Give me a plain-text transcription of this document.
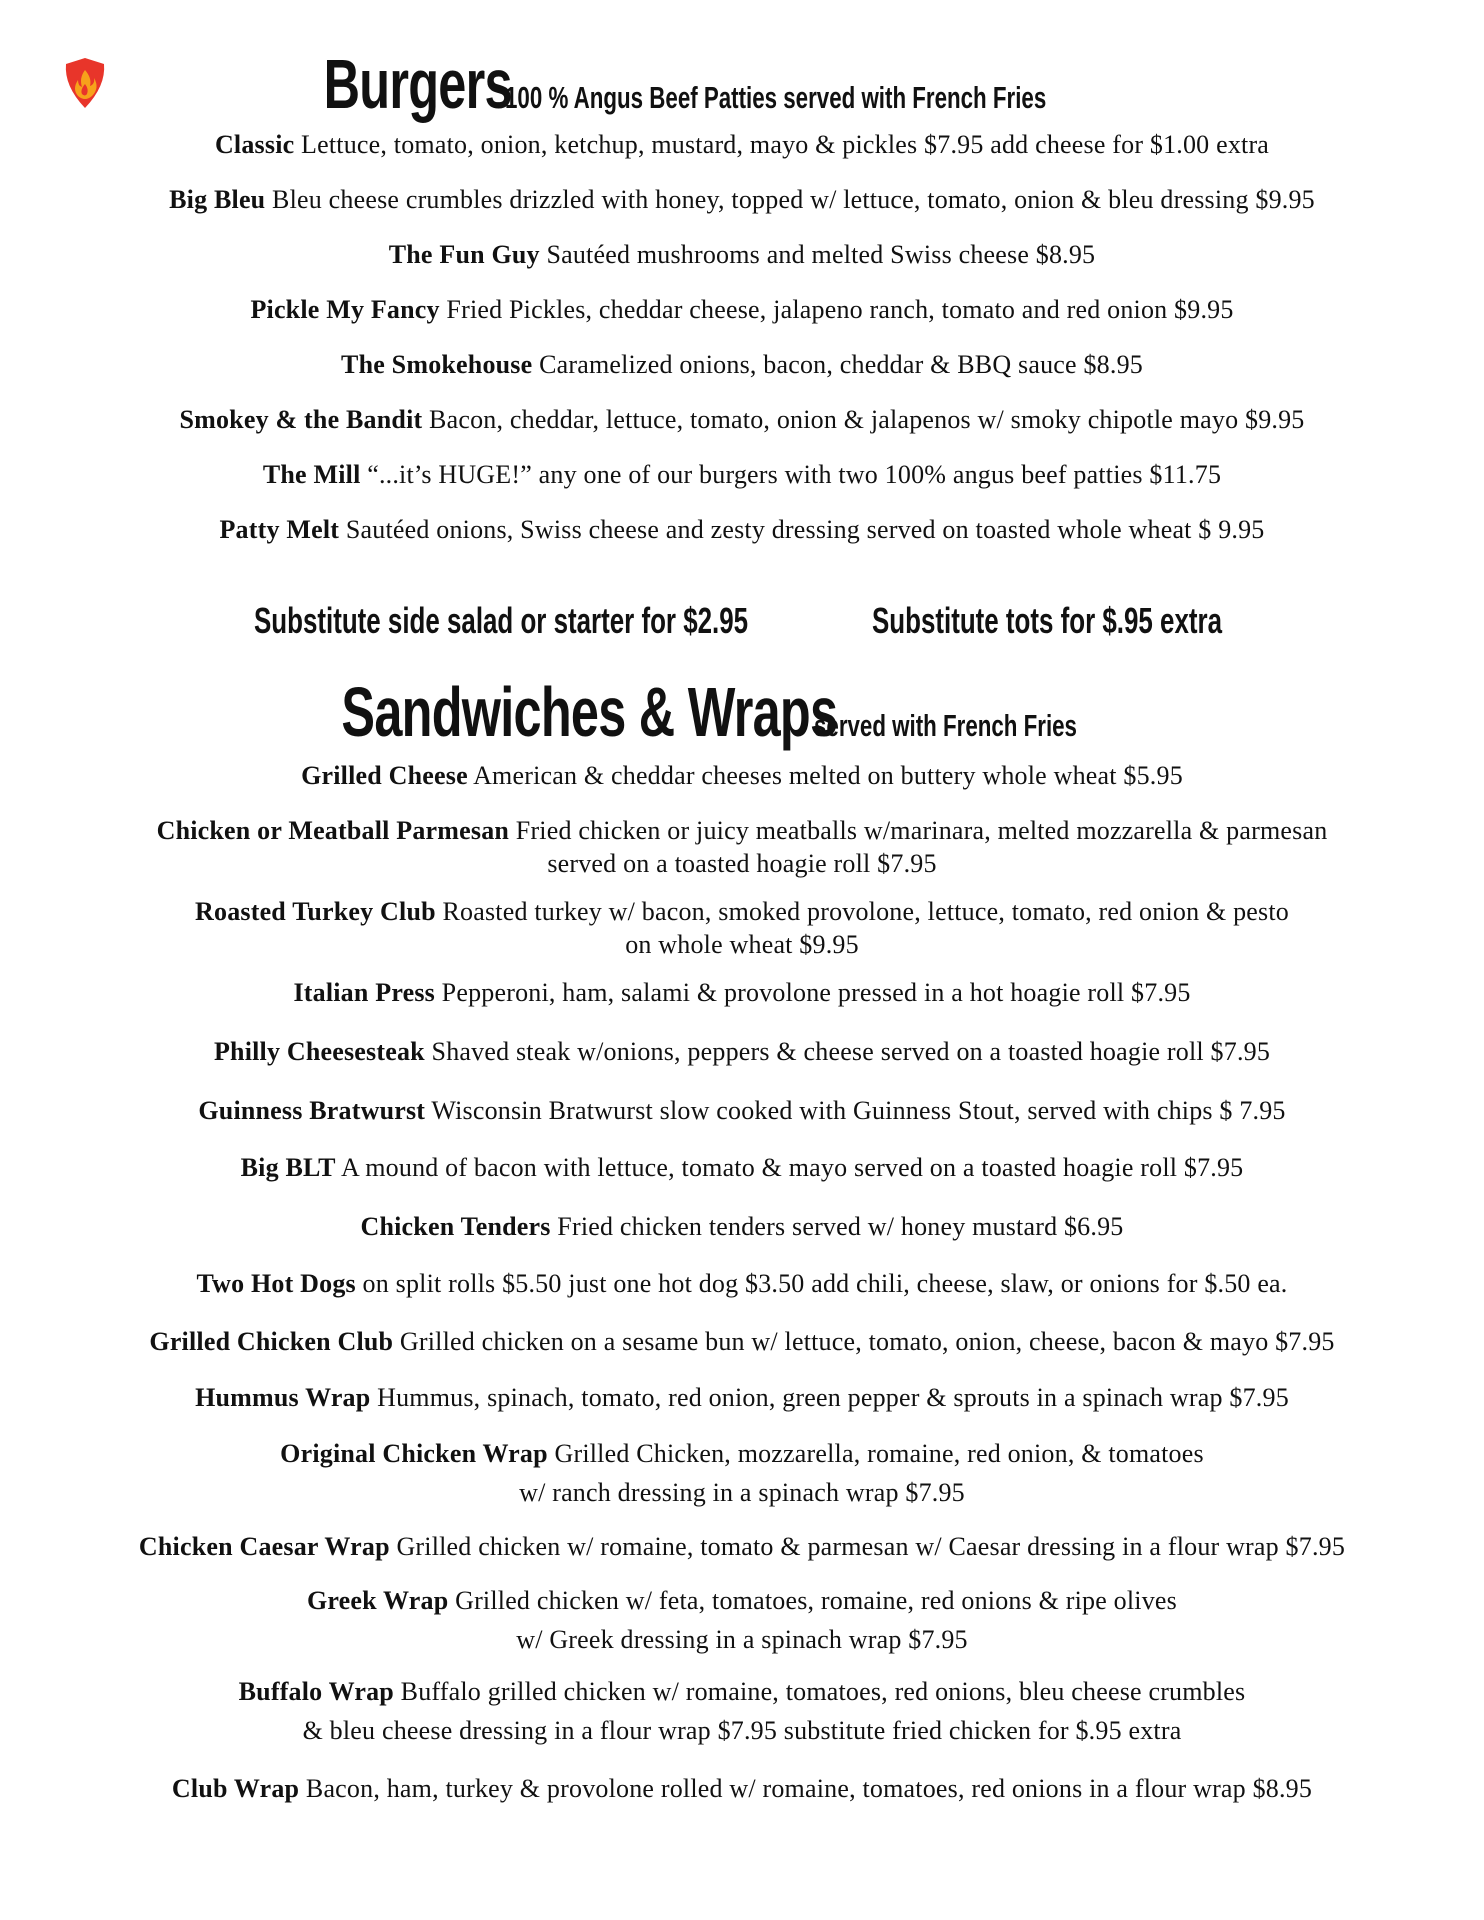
Burgers100 % Angus Beef Patties served with French Fries
Classic Lettuce, tomato, onion, ketchup, mustard, mayo & pickles $7.95 add cheese for $1.00 extra
Big Bleu Bleu cheese crumbles drizzled with honey, topped w/ lettuce, tomato, onion & bleu dressing $9.95
The Fun Guy Sautéed mushrooms and melted Swiss cheese $8.95
Pickle My Fancy Fried Pickles, cheddar cheese, jalapeno ranch, tomato and red onion $9.95
The Smokehouse Caramelized onions, bacon, cheddar & BBQ sauce $8.95
Smokey & the Bandit Bacon, cheddar, lettuce, tomato, onion & jalapenos w/ smoky chipotle mayo $9.95
The Mill “...it’s HUGE!” any one of our burgers with two 100% angus beef patties $11.75
Patty Melt Sautéed onions, Swiss cheese and zesty dressing served on toasted whole wheat $ 9.95
Substitute side salad or starter for $2.95	Substitute tots for $.95 extra
Sandwiches & Wrapsserved with French Fries
Grilled Cheese American & cheddar cheeses melted on buttery whole wheat $5.95
Chicken or Meatball Parmesan Fried chicken or juicy meatballs w/marinara, melted mozzarella & parmesan
served on a toasted hoagie roll $7.95
Roasted Turkey Club Roasted turkey w/ bacon, smoked provolone, lettuce, tomato, red onion & pesto
on whole wheat $9.95
Italian Press Pepperoni, ham, salami & provolone pressed in a hot hoagie roll $7.95
Philly Cheesesteak Shaved steak w/onions, peppers & cheese served on a toasted hoagie roll $7.95
Guinness Bratwurst Wisconsin Bratwurst slow cooked with Guinness Stout, served with chips $ 7.95
Big BLT A mound of bacon with lettuce, tomato & mayo served on a toasted hoagie roll $7.95
Chicken Tenders Fried chicken tenders served w/ honey mustard $6.95
Two Hot Dogs on split rolls $5.50 just one hot dog $3.50 add chili, cheese, slaw, or onions for $.50 ea.
Grilled Chicken Club Grilled chicken on a sesame bun w/ lettuce, tomato, onion, cheese, bacon & mayo $7.95
Hummus Wrap Hummus, spinach, tomato, red onion, green pepper & sprouts in a spinach wrap $7.95
Original Chicken Wrap Grilled Chicken, mozzarella, romaine, red onion, & tomatoes
w/ ranch dressing in a spinach wrap $7.95
Chicken Caesar Wrap Grilled chicken w/ romaine, tomato & parmesan w/ Caesar dressing in a flour wrap $7.95
Greek Wrap Grilled chicken w/ feta, tomatoes, romaine, red onions & ripe olives
w/ Greek dressing in a spinach wrap $7.95
Buffalo Wrap Buffalo grilled chicken w/ romaine, tomatoes, red onions, bleu cheese crumbles
& bleu cheese dressing in a flour wrap $7.95 substitute fried chicken for $.95 extra
Club Wrap Bacon, ham, turkey & provolone rolled w/ romaine, tomatoes, red onions in a flour wrap $8.95
